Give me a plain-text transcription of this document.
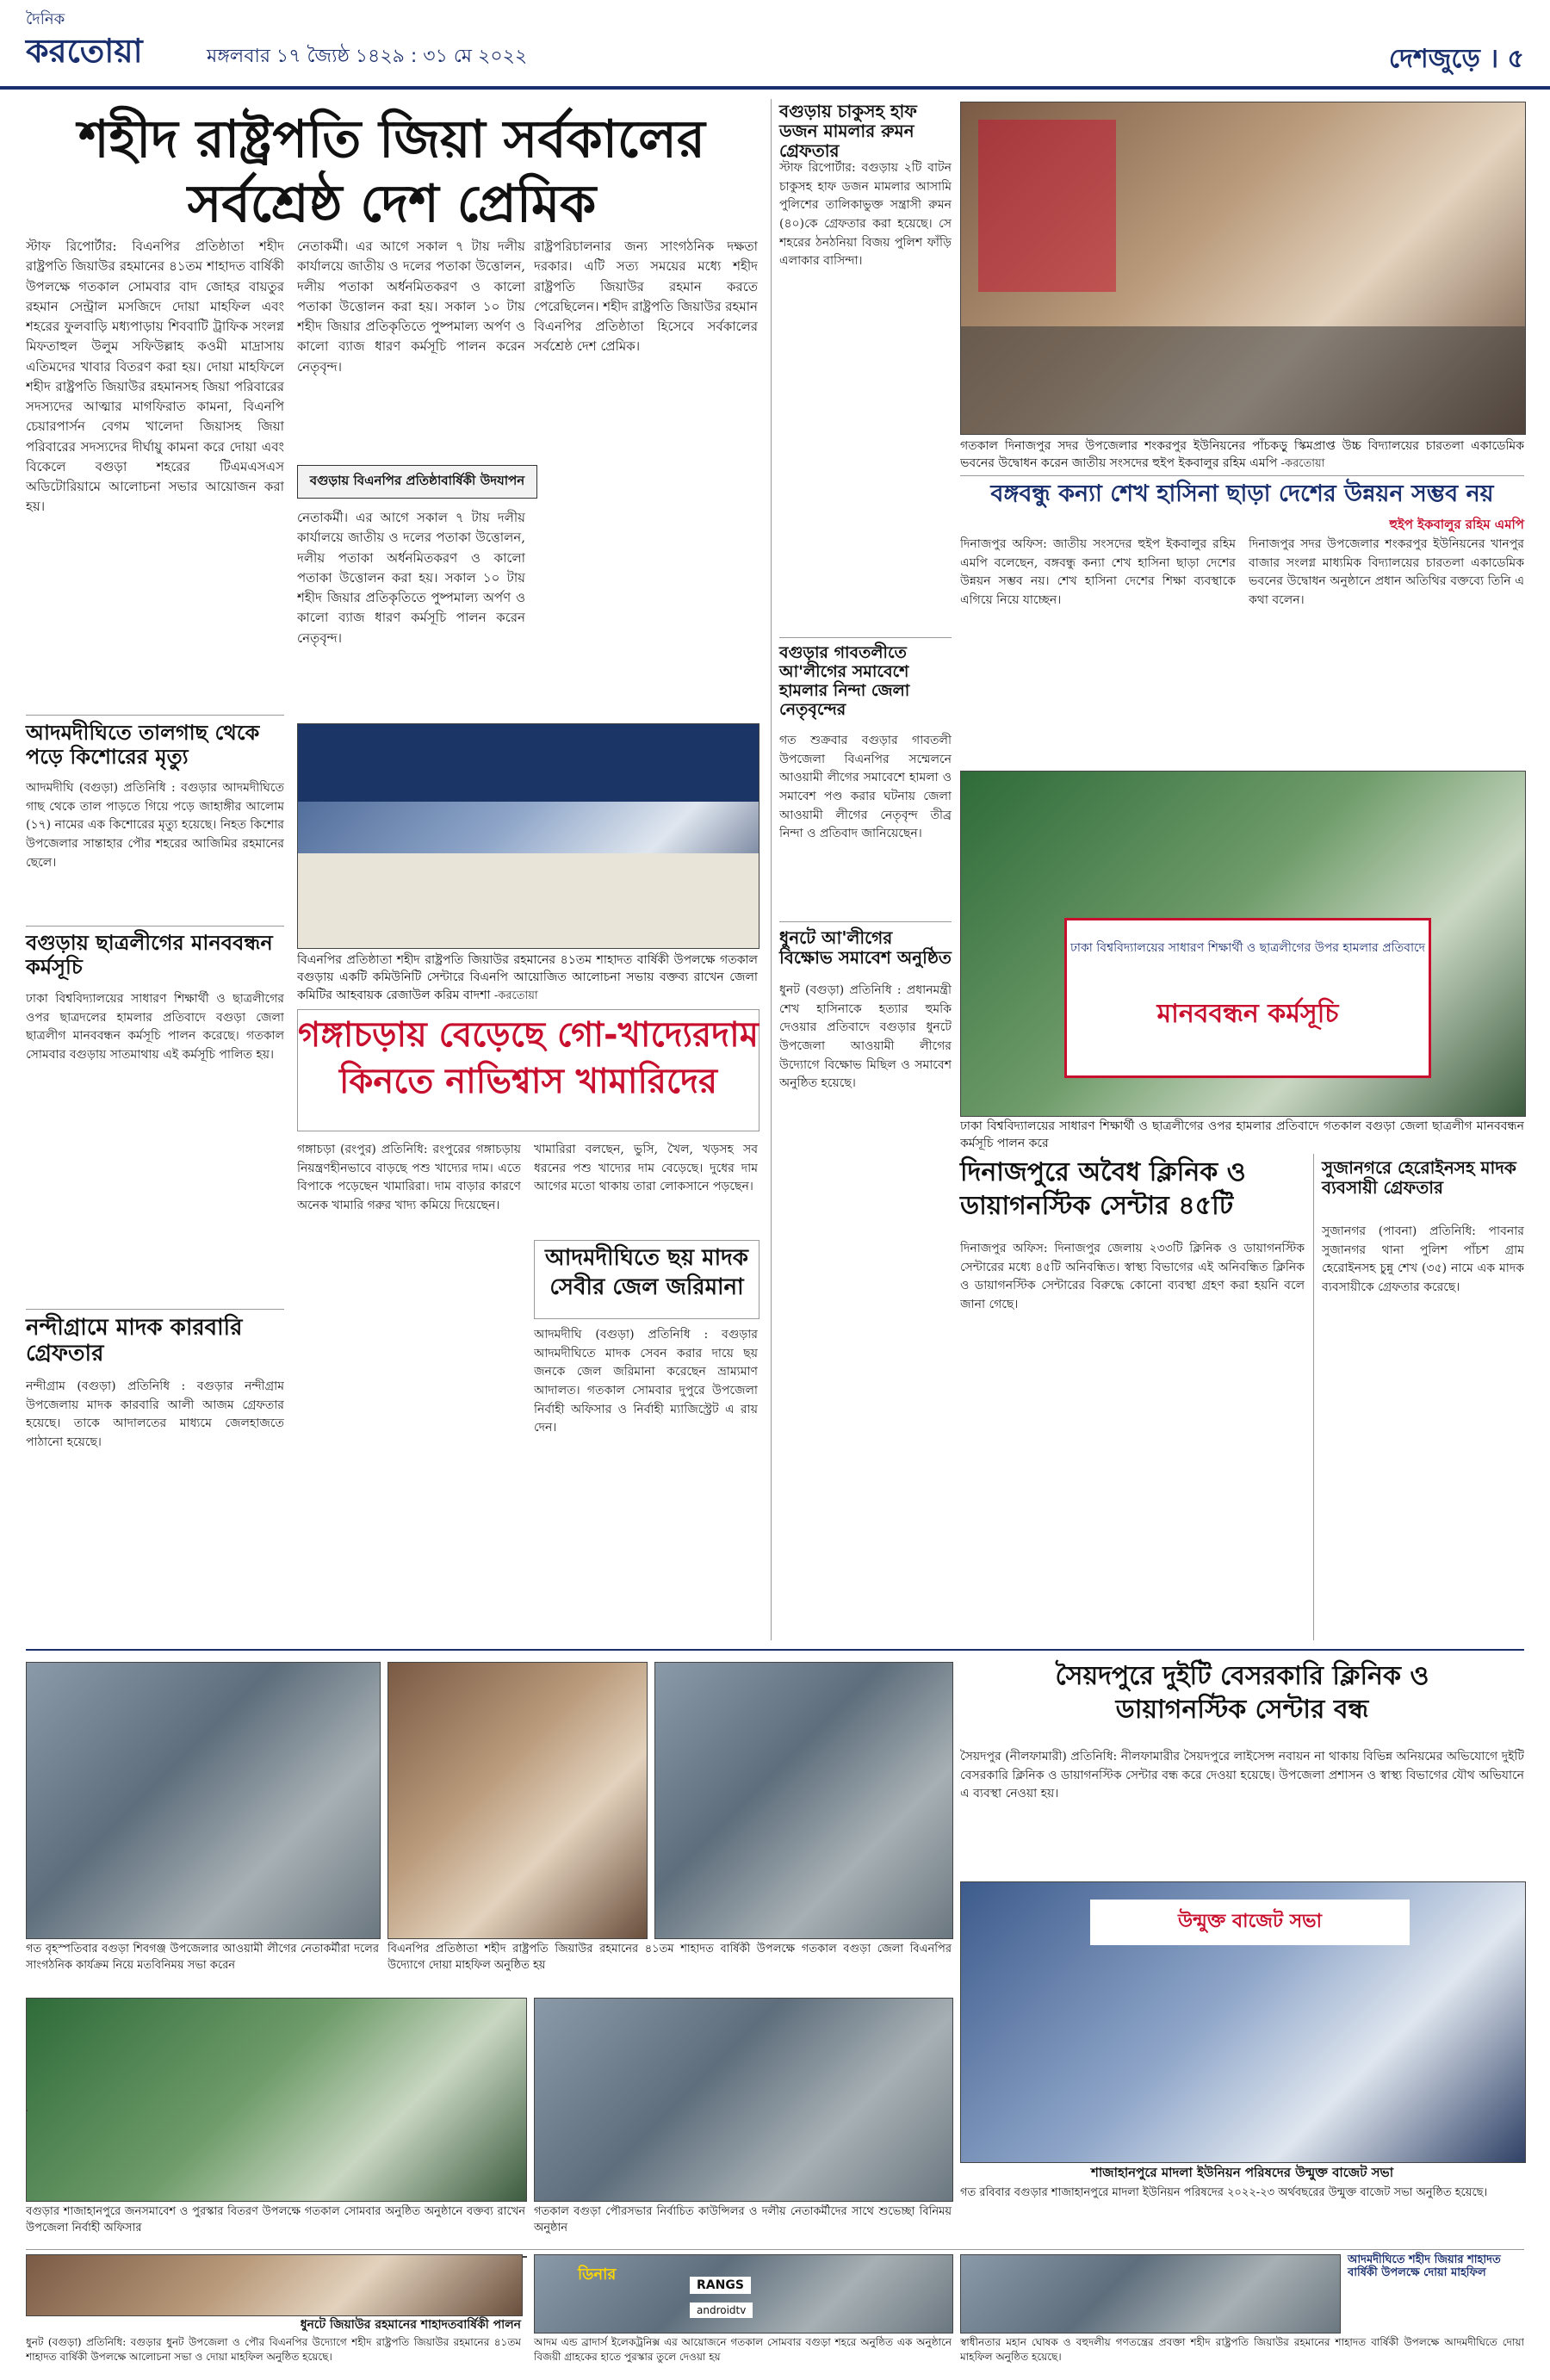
দৈনিক
করতোয়া	মঙ্গলবার ১৭ জ্যৈষ্ঠ ১৪২৯ : ৩১ মে ২০২২	দেশজুড়ে । ৫
শহীদ রাষ্ট্রপতি জিয়া সর্বকালের
সর্বশ্রেষ্ঠ দেশ প্রেমিক
স্টাফ রিপোর্টার: বিএনপির প্রতিষ্ঠাতা শহীদ রাষ্ট্রপতি জিয়াউর রহমানের ৪১তম শাহাদত বার্ষিকী উপলক্ষে গতকাল সোমবার বাদ জোহর বায়তুর রহমান সেন্ট্রাল মসজিদে দোয়া মাহফিল এবং শহরের ফুলবাড়ি মধ্যপাড়ায় শিববাটি ট্রাফিক সংলগ্ন মিফতাহুল উলুম সফিউল্লাহ কওমী মাদ্রাসায় এতিমদের খাবার বিতরণ করা হয়। দোয়া মাহফিলে শহীদ রাষ্ট্রপতি জিয়াউর রহমানসহ জিয়া পরিবারের সদস্যদের আত্মার মাগফিরাত কামনা, বিএনপি চেয়ারপার্সন বেগম খালেদা জিয়াসহ জিয়া পরিবারের সদস্যদের দীর্ঘায়ু কামনা করে দোয়া এবং বিকেলে বগুড়া শহরের টিএমএসএস অডিটোরিয়ামে আলোচনা সভার আয়োজন করা হয়।
নেতাকর্মী। এর আগে সকাল ৭ টায় দলীয় কার্যালয়ে জাতীয় ও দলের পতাকা উত্তোলন, দলীয় পতাকা অর্ধনমিতকরণ ও কালো পতাকা উত্তোলন করা হয়। সকাল ১০ টায় শহীদ জিয়ার প্রতিকৃতিতে পুষ্পমাল্য অর্পণ ও কালো ব্যাজ ধারণ কর্মসূচি পালন করেন নেতৃবৃন্দ।
রাষ্ট্রপরিচালনার জন্য সাংগঠনিক দক্ষতা দরকার। এটি সত্য সময়ের মধ্যে শহীদ রাষ্ট্রপতি জিয়াউর রহমান করতে পেরেছিলেন। শহীদ রাষ্ট্রপতি জিয়াউর রহমান বিএনপির প্রতিষ্ঠাতা হিসেবে সর্বকালের সর্বশ্রেষ্ঠ দেশ প্রেমিক।
বগুড়ায় বিএনপির প্রতিষ্ঠাবার্ষিকী উদযাপন
নেতাকর্মী। এর আগে সকাল ৭ টায় দলীয় কার্যালয়ে জাতীয় ও দলের পতাকা উত্তোলন, দলীয় পতাকা অর্ধনমিতকরণ ও কালো পতাকা উত্তোলন করা হয়। সকাল ১০ টায় শহীদ জিয়ার প্রতিকৃতিতে পুষ্পমাল্য অর্পণ ও কালো ব্যাজ ধারণ কর্মসূচি পালন করেন নেতৃবৃন্দ।
বিএনপির প্রতিষ্ঠাতা শহীদ রাষ্ট্রপতি জিয়াউর রহমানের ৪১তম শাহাদত বার্ষিকী উপলক্ষে গতকাল বগুড়ায় একটি কমিউনিটি সেন্টারে বিএনপি আয়োজিত আলোচনা সভায় বক্তব্য রাখেন জেলা কমিটির আহবায়ক রেজাউল করিম বাদশা -করতোয়া
আদমদীঘিতে তালগাছ থেকে পড়ে কিশোরের মৃত্যু
আদমদীঘি (বগুড়া) প্রতিনিধি : বগুড়ার আদমদীঘিতে গাছ থেকে তাল পাড়তে গিয়ে পড়ে জাহাঙ্গীর আলোম (১৭) নামের এক কিশোরের মৃত্যু হয়েছে। নিহত কিশোর উপজেলার সান্তাহার পৌর শহরের আজিমির রহমানের ছেলে।
বগুড়ায় ছাত্রলীগের মানববন্ধন কর্মসূচি
ঢাকা বিশ্ববিদ্যালয়ের সাধারণ শিক্ষার্থী ও ছাত্রলীগের ওপর ছাত্রদলের হামলার প্রতিবাদে বগুড়া জেলা ছাত্রলীগ মানববন্ধন কর্মসূচি পালন করেছে। গতকাল সোমবার বগুড়ায় সাতমাথায় এই কর্মসূচি পালিত হয়।
নন্দীগ্রামে মাদক কারবারি গ্রেফতার
নন্দীগ্রাম (বগুড়া) প্রতিনিধি : বগুড়ার নন্দীগ্রাম উপজেলায় মাদক কারবারি আলী আজম গ্রেফতার হয়েছে। তাকে আদালতের মাধ্যমে জেলহাজতে পাঠানো হয়েছে।
গঙ্গাচড়ায় বেড়েছে গো-খাদ্যেরদাম
কিনতে নাভিশ্বাস খামারিদের
গঙ্গাচড়া (রংপুর) প্রতিনিধি: রংপুরের গঙ্গাচড়ায় নিয়ন্ত্রণহীনভাবে বাড়ছে পশু খাদ্যের দাম। এতে বিপাকে পড়েছেন খামারিরা। দাম বাড়ার কারণে অনেক খামারি গরুর খাদ্য কমিয়ে দিয়েছেন।
খামারিরা বলছেন, ভুসি, খৈল, খড়সহ সব ধরনের পশু খাদ্যের দাম বেড়েছে। দুধের দাম আগের মতো থাকায় তারা লোকসানে পড়ছেন।
আদমদীঘিতে ছয় মাদক
সেবীর জেল জরিমানা
আদমদীঘি (বগুড়া) প্রতিনিধি : বগুড়ার আদমদীঘিতে মাদক সেবন করার দায়ে ছয় জনকে জেল জরিমানা করেছেন ভ্রাম্যমাণ আদালত। গতকাল সোমবার দুপুরে উপজেলা নির্বাহী অফিসার ও নির্বাহী ম্যাজিস্ট্রেট এ রায় দেন।
বগুড়ায় চাকুসহ হাফ ডজন মামলার রুমন গ্রেফতার
স্টাফ রিপোর্টার: বগুড়ায় ২টি বাটন চাকুসহ হাফ ডজন মামলার আসামি পুলিশের তালিকাভুক্ত সন্ত্রাসী রুমন (৪০)কে গ্রেফতার করা হয়েছে। সে শহরের ঠনঠনিয়া বিজয় পুলিশ ফাঁড়ি এলাকার বাসিন্দা।
বগুড়ার গাবতলীতে আ'লীগের সমাবেশে হামলার নিন্দা জেলা নেতৃবৃন্দের
গত শুক্রবার বগুড়ার গাবতলী উপজেলা বিএনপির সম্মেলনে আওয়ামী লীগের সমাবেশে হামলা ও সমাবেশ পণ্ড করার ঘটনায় জেলা আওয়ামী লীগের নেতৃবৃন্দ তীব্র নিন্দা ও প্রতিবাদ জানিয়েছেন।
ধুনটে আ'লীগের বিক্ষোভ সমাবেশ অনুষ্ঠিত
ধুনট (বগুড়া) প্রতিনিধি : প্রধানমন্ত্রী শেখ হাসিনাকে হত্যার হুমকি দেওয়ার প্রতিবাদে বগুড়ার ধুনটে উপজেলা আওয়ামী লীগের উদ্যোগে বিক্ষোভ মিছিল ও সমাবেশ অনুষ্ঠিত হয়েছে।
গতকাল দিনাজপুর সদর উপজেলার শংকরপুর ইউনিয়নের পাঁচকড়ু স্কিমপ্রাপ্ত উচ্চ বিদ্যালয়ের চারতলা একাডেমিক ভবনের উদ্বোধন করেন জাতীয় সংসদের হুইপ ইকবালুর রহিম এমপি -করতোয়া
বঙ্গবন্ধু কন্যা শেখ হাসিনা ছাড়া দেশের উন্নয়ন সম্ভব নয়
হুইপ ইকবালুর রহিম এমপি
দিনাজপুর অফিস: জাতীয় সংসদের হুইপ ইকবালুর রহিম এমপি বলেছেন, বঙ্গবন্ধু কন্যা শেখ হাসিনা ছাড়া দেশের উন্নয়ন সম্ভব নয়। শেখ হাসিনা দেশের শিক্ষা ব্যবস্থাকে এগিয়ে নিয়ে যাচ্ছেন।
দিনাজপুর সদর উপজেলার শংকরপুর ইউনিয়নের খানপুর বাজার সংলগ্ন মাধ্যমিক বিদ্যালয়ের চারতলা একাডেমিক ভবনের উদ্বোধন অনুষ্ঠানে প্রধান অতিথির বক্তব্যে তিনি এ কথা বলেন।
ঢাকা বিশ্ববিদ্যালয়ের সাধারণ শিক্ষার্থী ও ছাত্রলীগের উপর হামলার প্রতিবাদে
মানববন্ধন কর্মসূচি
ঢাকা বিশ্ববিদ্যালয়ের সাধারণ শিক্ষার্থী ও ছাত্রলীগের ওপর হামলার প্রতিবাদে গতকাল বগুড়া জেলা ছাত্রলীগ মানববন্ধন কর্মসূচি পালন করে
দিনাজপুরে অবৈধ ক্লিনিক ও
ডায়াগনস্টিক সেন্টার ৪৫টি
দিনাজপুর অফিস: দিনাজপুর জেলায় ২৩৩টি ক্লিনিক ও ডায়াগনস্টিক সেন্টারের মধ্যে ৪৫টি অনিবন্ধিত। স্বাস্থ্য বিভাগের এই অনিবন্ধিত ক্লিনিক ও ডায়াগনস্টিক সেন্টারের বিরুদ্ধে কোনো ব্যবস্থা গ্রহণ করা হয়নি বলে জানা গেছে।
সুজানগরে হেরোইনসহ মাদক ব্যবসায়ী গ্রেফতার
সুজানগর (পাবনা) প্রতিনিধি: পাবনার সুজানগর থানা পুলিশ পাঁচশ গ্রাম হেরোইনসহ চুন্নু শেখ (৩৫) নামে এক মাদক ব্যবসায়ীকে গ্রেফতার করেছে।
সৈয়দপুরে দুইটি বেসরকারি ক্লিনিক ও
ডায়াগনস্টিক সেন্টার বন্ধ
সৈয়দপুর (নীলফামারী) প্রতিনিধি: নীলফামারীর সৈয়দপুরে লাইসেন্স নবায়ন না থাকায় বিভিন্ন অনিয়মের অভিযোগে দুইটি বেসরকারি ক্লিনিক ও ডায়াগনস্টিক সেন্টার বন্ধ করে দেওয়া হয়েছে। উপজেলা প্রশাসন ও স্বাস্থ্য বিভাগের যৌথ অভিযানে এ ব্যবস্থা নেওয়া হয়।
গত বৃহস্পতিবার বগুড়া শিবগঞ্জ উপজেলার আওয়ামী লীগের নেতাকর্মীরা দলের সাংগঠনিক কার্যক্রম নিয়ে মতবিনিময় সভা করেন
বিএনপির প্রতিষ্ঠাতা শহীদ রাষ্ট্রপতি জিয়াউর রহমানের ৪১তম শাহাদত বার্ষিকী উপলক্ষে গতকাল বগুড়া জেলা বিএনপির উদ্যোগে দোয়া মাহফিল অনুষ্ঠিত হয়
বগুড়ার শাজাহানপুরে জনসমাবেশ ও পুরস্কার বিতরণ উপলক্ষে গতকাল সোমবার অনুষ্ঠিত অনুষ্ঠানে বক্তব্য রাখেন উপজেলা নির্বাহী অফিসার
গতকাল বগুড়া পৌরসভার নির্বাচিত কাউন্সিলর ও দলীয় নেতাকর্মীদের সাথে শুভেচ্ছা বিনিময় অনুষ্ঠান
উন্মুক্ত বাজেট সভা
শাজাহানপুরে মাদলা ইউনিয়ন পরিষদের উন্মুক্ত বাজেট সভা
গত রবিবার বগুড়ার শাজাহানপুরে মাদলা ইউনিয়ন পরিষদের ২০২২-২৩ অর্থবছরের উন্মুক্ত বাজেট সভা অনুষ্ঠিত হয়েছে।
ধুনটে জিয়াউর রহমানের শাহাদতবার্ষিকী পালন
ধুনট (বগুড়া) প্রতিনিধি: বগুড়ার ধুনট উপজেলা ও পৌর বিএনপির উদ্যোগে শহীদ রাষ্ট্রপতি জিয়াউর রহমানের ৪১তম শাহাদত বার্ষিকী উপলক্ষে আলোচনা সভা ও দোয়া মাহফিল অনুষ্ঠিত হয়েছে।
ডিনার
RANGS
androidtv
আদম এন্ড ব্রাদার্স ইলেকট্রনিক্স এর আয়োজনে গতকাল সোমবার বগুড়া শহরে অনুষ্ঠিত এক অনুষ্ঠানে বিজয়ী গ্রাহকের হাতে পুরস্কার তুলে দেওয়া হয়
আদমদীঘিতে শহীদ জিয়ার শাহাদত বার্ষিকী উপলক্ষে দোয়া মাহফিল
স্বাধীনতার মহান ঘোষক ও বহুদলীয় গণতন্ত্রের প্রবক্তা শহীদ রাষ্ট্রপতি জিয়াউর রহমানের শাহাদত বার্ষিকী উপলক্ষে আদমদীঘিতে দোয়া মাহফিল অনুষ্ঠিত হয়েছে।
